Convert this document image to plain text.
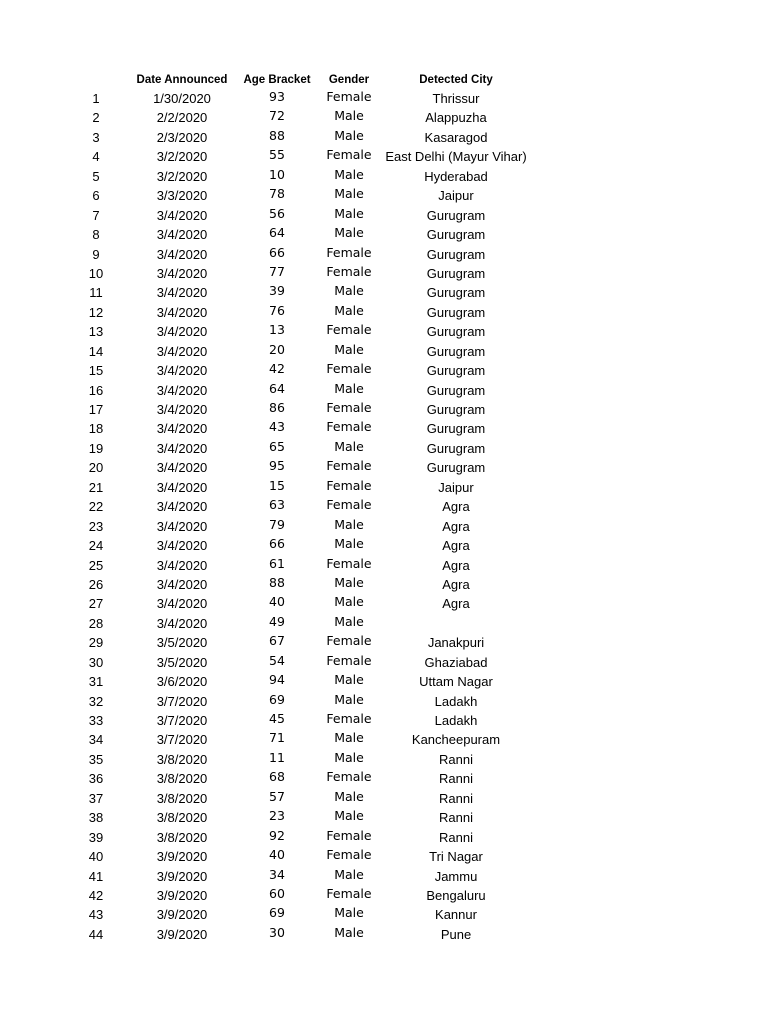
Date Announced	Age Bracket	Gender	Detected City
1	1/30/2020	93	Female	Thrissur
2	2/2/2020	72	Male	Alappuzha
3	2/3/2020	88	Male	Kasaragod
4	3/2/2020	55	Female	East Delhi (Mayur Vihar)
5	3/2/2020	10	Male	Hyderabad
6	3/3/2020	78	Male	Jaipur
7	3/4/2020	56	Male	Gurugram
8	3/4/2020	64	Male	Gurugram
9	3/4/2020	66	Female	Gurugram
10	3/4/2020	77	Female	Gurugram
11	3/4/2020	39	Male	Gurugram
12	3/4/2020	76	Male	Gurugram
13	3/4/2020	13	Female	Gurugram
14	3/4/2020	20	Male	Gurugram
15	3/4/2020	42	Female	Gurugram
16	3/4/2020	64	Male	Gurugram
17	3/4/2020	86	Female	Gurugram
18	3/4/2020	43	Female	Gurugram
19	3/4/2020	65	Male	Gurugram
20	3/4/2020	95	Female	Gurugram
21	3/4/2020	15	Female	Jaipur
22	3/4/2020	63	Female	Agra
23	3/4/2020	79	Male	Agra
24	3/4/2020	66	Male	Agra
25	3/4/2020	61	Female	Agra
26	3/4/2020	88	Male	Agra
27	3/4/2020	40	Male	Agra
28	3/4/2020	49	Male
29	3/5/2020	67	Female	Janakpuri
30	3/5/2020	54	Female	Ghaziabad
31	3/6/2020	94	Male	Uttam Nagar
32	3/7/2020	69	Male	Ladakh
33	3/7/2020	45	Female	Ladakh
34	3/7/2020	71	Male	Kancheepuram
35	3/8/2020	11	Male	Ranni
36	3/8/2020	68	Female	Ranni
37	3/8/2020	57	Male	Ranni
38	3/8/2020	23	Male	Ranni
39	3/8/2020	92	Female	Ranni
40	3/9/2020	40	Female	Tri Nagar
41	3/9/2020	34	Male	Jammu
42	3/9/2020	60	Female	Bengaluru
43	3/9/2020	69	Male	Kannur
44	3/9/2020	30	Male	Pune
